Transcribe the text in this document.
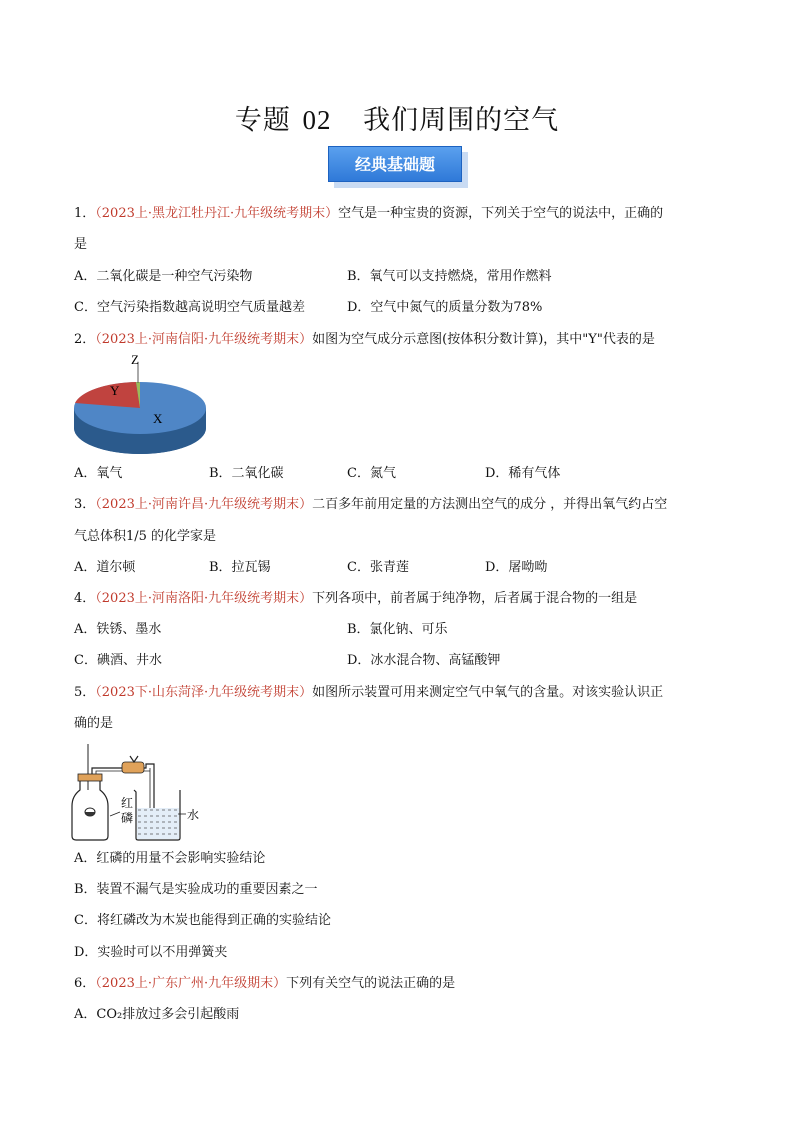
专题 02 我们周围的空气
经典基础题
1．（2023上·黑龙江牡丹江·九年级统考期末）空气是一种宝贵的资源，下列关于空气的说法中，正确的
是
A．二氧化碳是一种空气污染物	B．氧气可以支持燃烧，常用作燃料
C．空气污染指数越高说明空气质量越差	D．空气中氮气的质量分数为78%
2．（2023上·河南信阳·九年级统考期末）如图为空气成分示意图(按体积分数计算)，其中"Y"代表的是
Z
Y
X
A．氧气	B．二氧化碳	C．氮气	D．稀有气体
3．（2023上·河南许昌·九年级统考期末）二百多年前用定量的方法测出空气的成分 ，并得出氧气约占空
气总体积1/5 的化学家是
A．道尔顿	B．拉瓦锡	C．张青莲	D．屠呦呦
4．（2023上·河南洛阳·九年级统考期末）下列各项中，前者属于纯净物，后者属于混合物的一组是
A．铁锈、墨水	B．氯化钠、可乐
C．碘酒、井水	D．冰水混合物、高锰酸钾
5．（2023下·山东菏泽·九年级统考期末）如图所示装置可用来测定空气中氧气的含量。对该实验认识正
确的是
红
磷	水
A．红磷的用量不会影响实验结论
B．装置不漏气是实验成功的重要因素之一
C．将红磷改为木炭也能得到正确的实验结论
D．实验时可以不用弹簧夹
6．（2023上·广东广州·九年级期末）下列有关空气的说法正确的是
A．CO₂排放过多会引起酸雨
